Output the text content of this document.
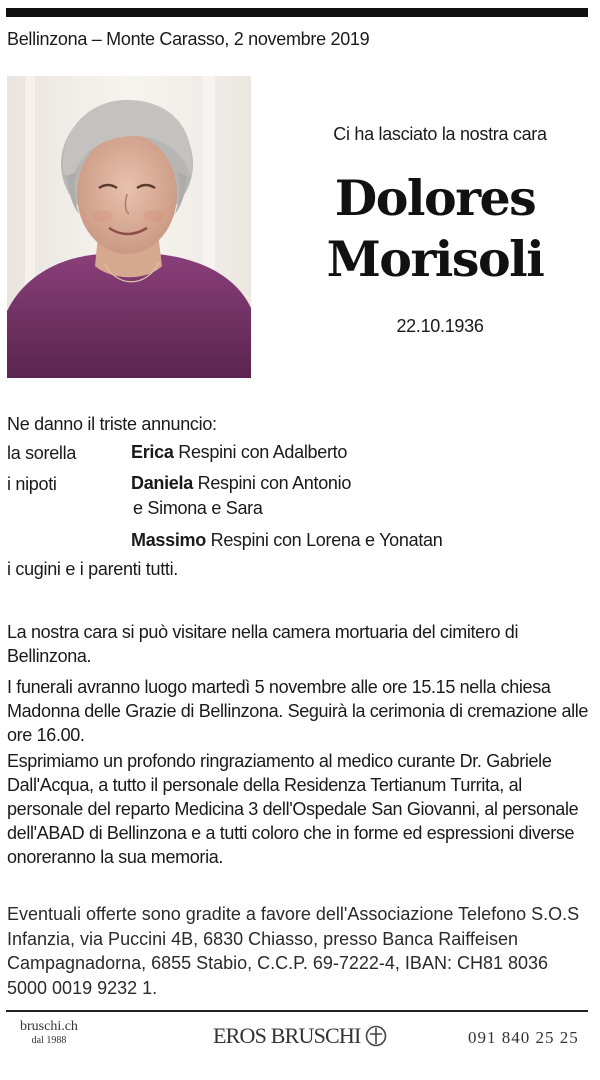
Bellinzona – Monte Carasso, 2 novembre 2019
Ci ha lasciato la nostra cara
Dolores
Morisoli
22.10.1936
Ne danno il triste annuncio:
la sorella	Erica Respini con Adalberto
i nipoti	Daniela Respini con Antonio
e Simona e Sara
Massimo Respini con Lorena e Yonatan
i cugini e i parenti tutti.
La nostra cara si può visitare nella camera mortuaria del cimitero di Bellinzona.
I funerali avranno luogo martedì 5 novembre alle ore 15.15 nella chiesa Madonna delle Grazie di Bellinzona. Seguirà la cerimonia di cremazione alle ore 16.00.
Esprimiamo un profondo ringraziamento al medico curante Dr. Gabriele Dall'Acqua, a tutto il personale della Residenza Tertianum Turrita, al personale del reparto Medicina 3 dell'Ospedale San Giovanni, al personale dell'ABAD di Bellinzona e a tutti coloro che in forme ed espressioni diverse onoreranno la sua memoria.
Eventuali offerte sono gradite a favore dell'Associazione Telefono S.O.S Infanzia, via Puccini 4B, 6830 Chiasso, presso Banca Raiffeisen Campagnadorna, 6855 Stabio, C.C.P. 69-7222-4, IBAN: CH81 8036 5000 0019 9232 1.
bruschi.ch
dal 1988	EROS BRUSCHI	091 840 25 25
